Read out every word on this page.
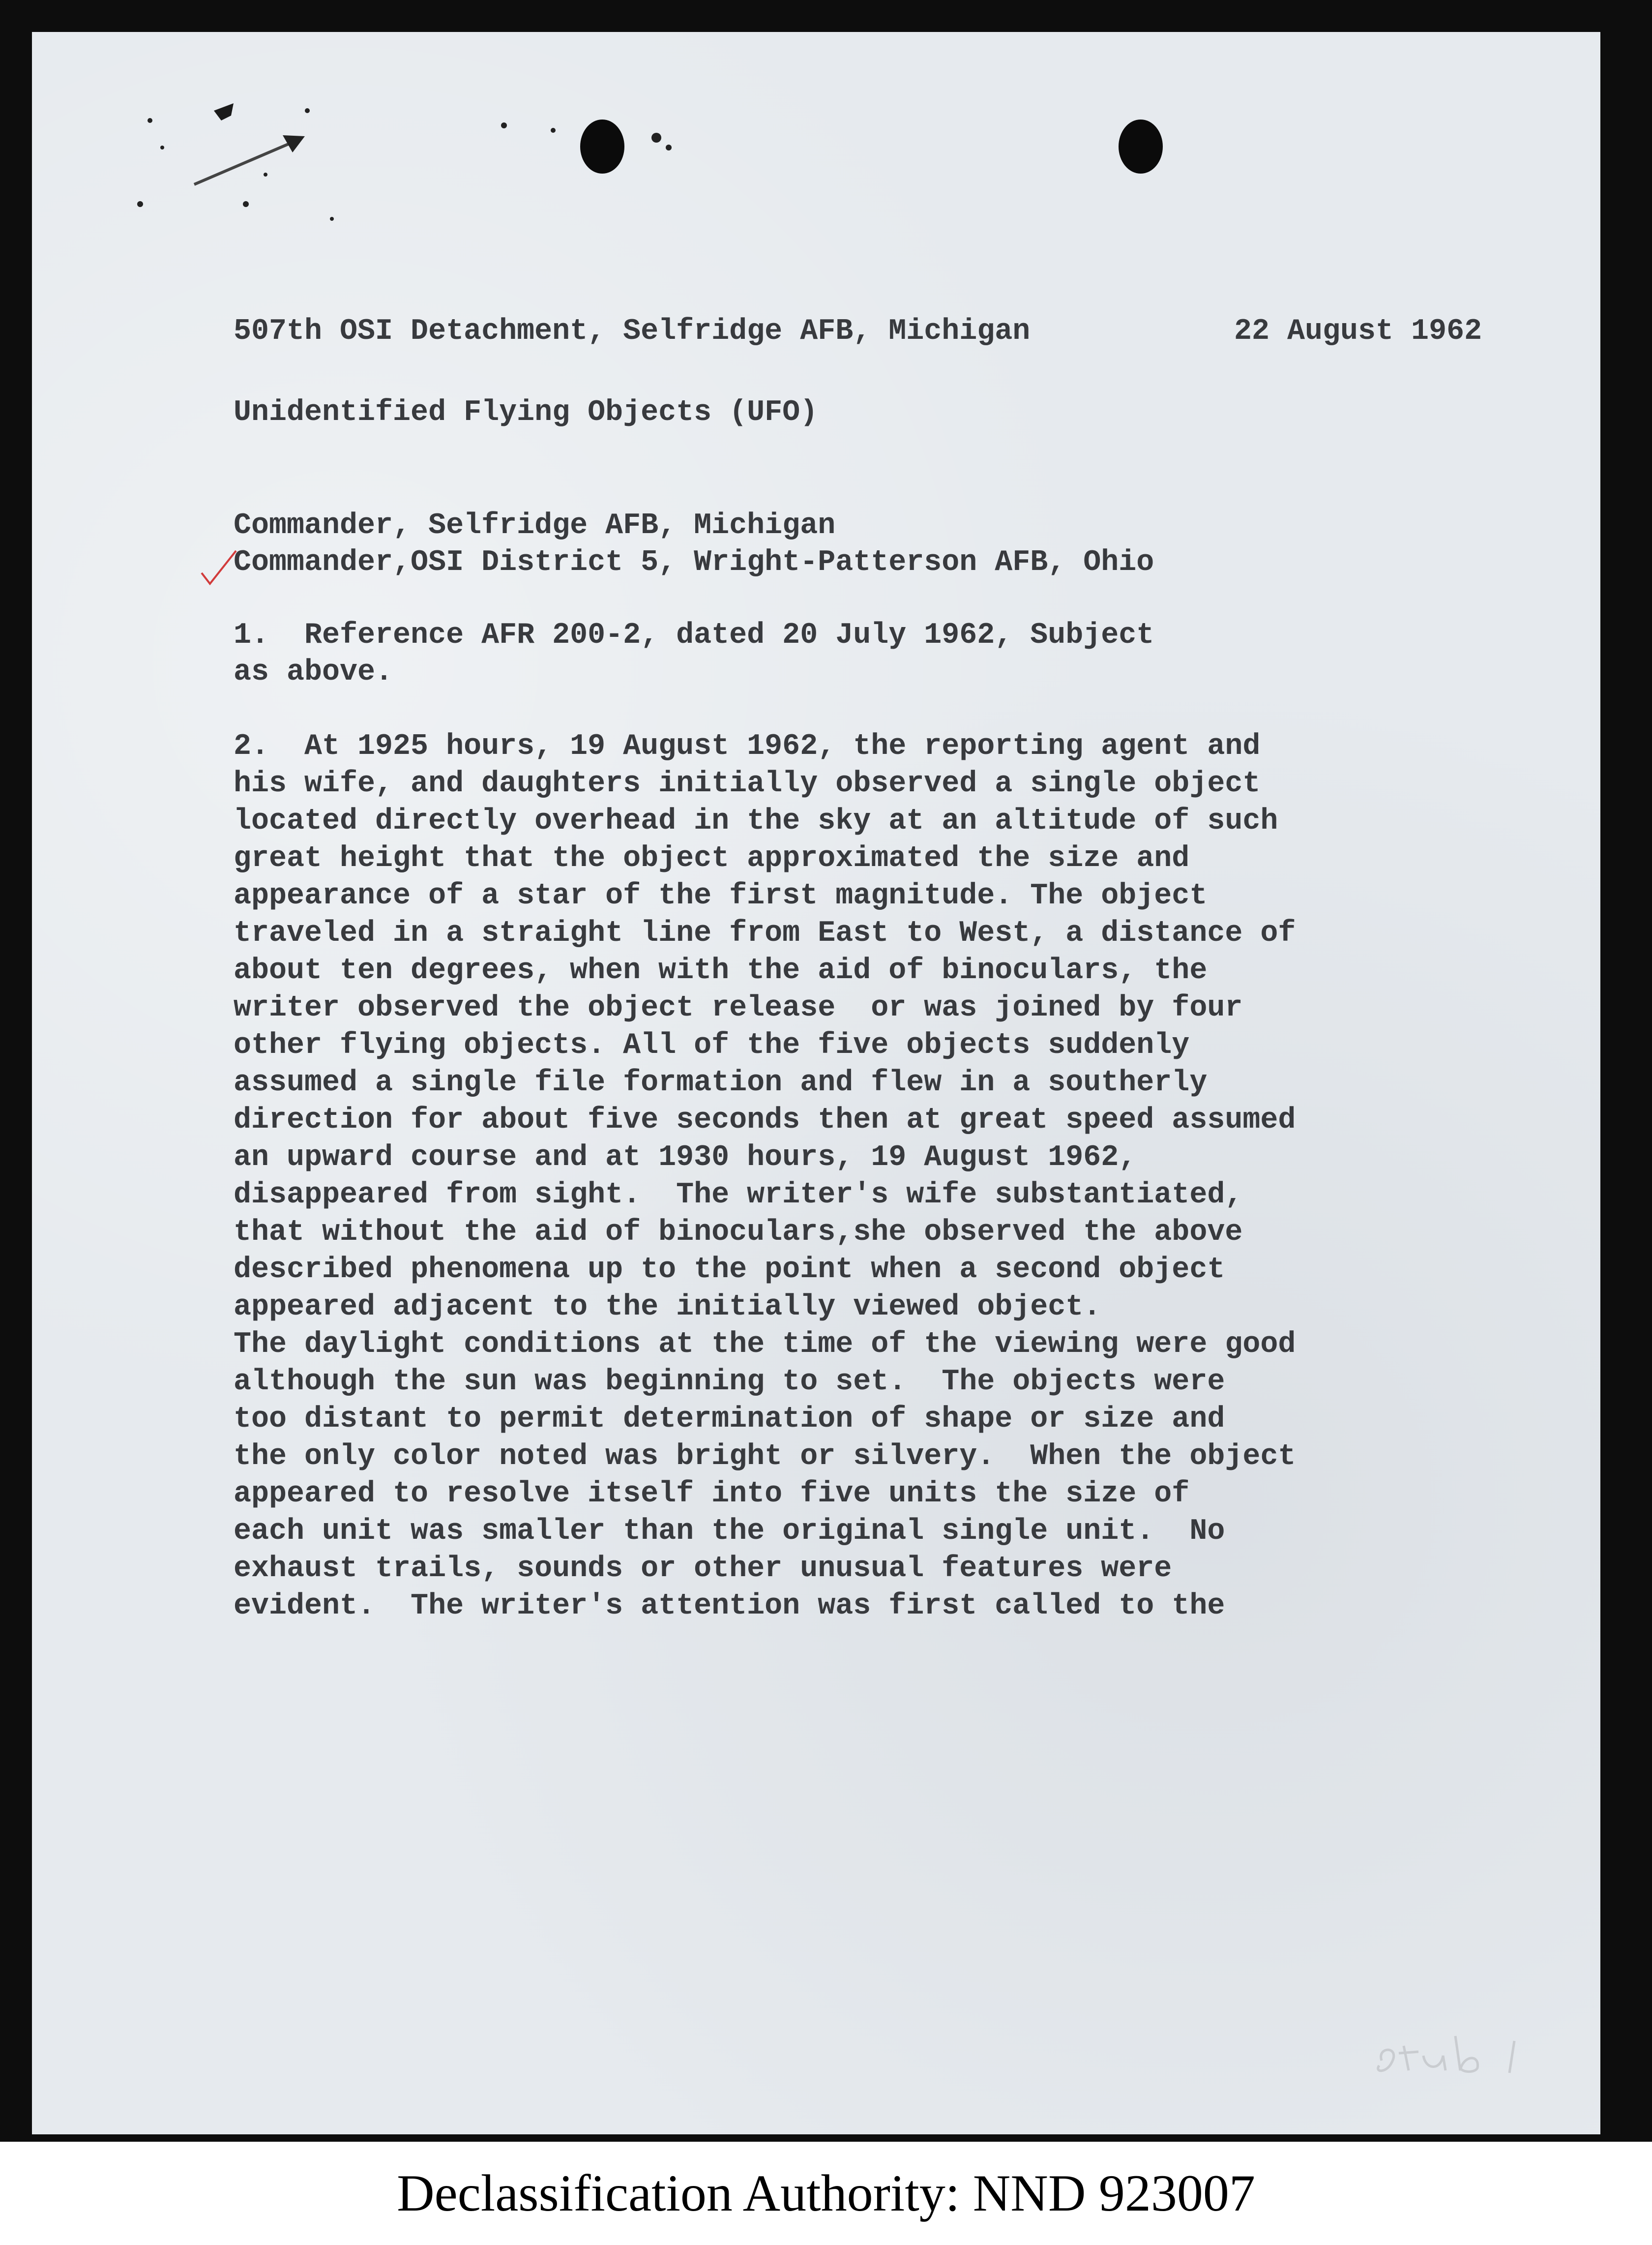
507th OSI Detachment, Selfridge AFB, Michigan	22 August 1962

Unidentified Flying Objects (UFO)

Commander, Selfridge AFB, Michigan

Commander,OSI District 5, Wright-Patterson AFB, Ohio

1.  Reference AFR 200-2, dated 20 July 1962, Subject
as above.

2.  At 1925 hours, 19 August 1962, the reporting agent and
his wife, and daughters initially observed a single object
located directly overhead in the sky at an altitude of such
great height that the object approximated the size and
appearance of a star of the first magnitude. The object
traveled in a straight line from East to West, a distance of
about ten degrees, when with the aid of binoculars, the
writer observed the object release  or was joined by four
other flying objects. All of the five objects suddenly
assumed a single file formation and flew in a southerly
direction for about five seconds then at great speed assumed
an upward course and at 1930 hours, 19 August 1962,
disappeared from sight.  The writer's wife substantiated,
that without the aid of binoculars,she observed the above
described phenomena up to the point when a second object
appeared adjacent to the initially viewed object.
The daylight conditions at the time of the viewing were good
although the sun was beginning to set.  The objects were
too distant to permit determination of shape or size and
the only color noted was bright or silvery.  When the object
appeared to resolve itself into five units the size of
each unit was smaller than the original single unit.  No
exhaust trails, sounds or other unusual features were
evident.  The writer's attention was first called to the

Declassification Authority: NND 923007
